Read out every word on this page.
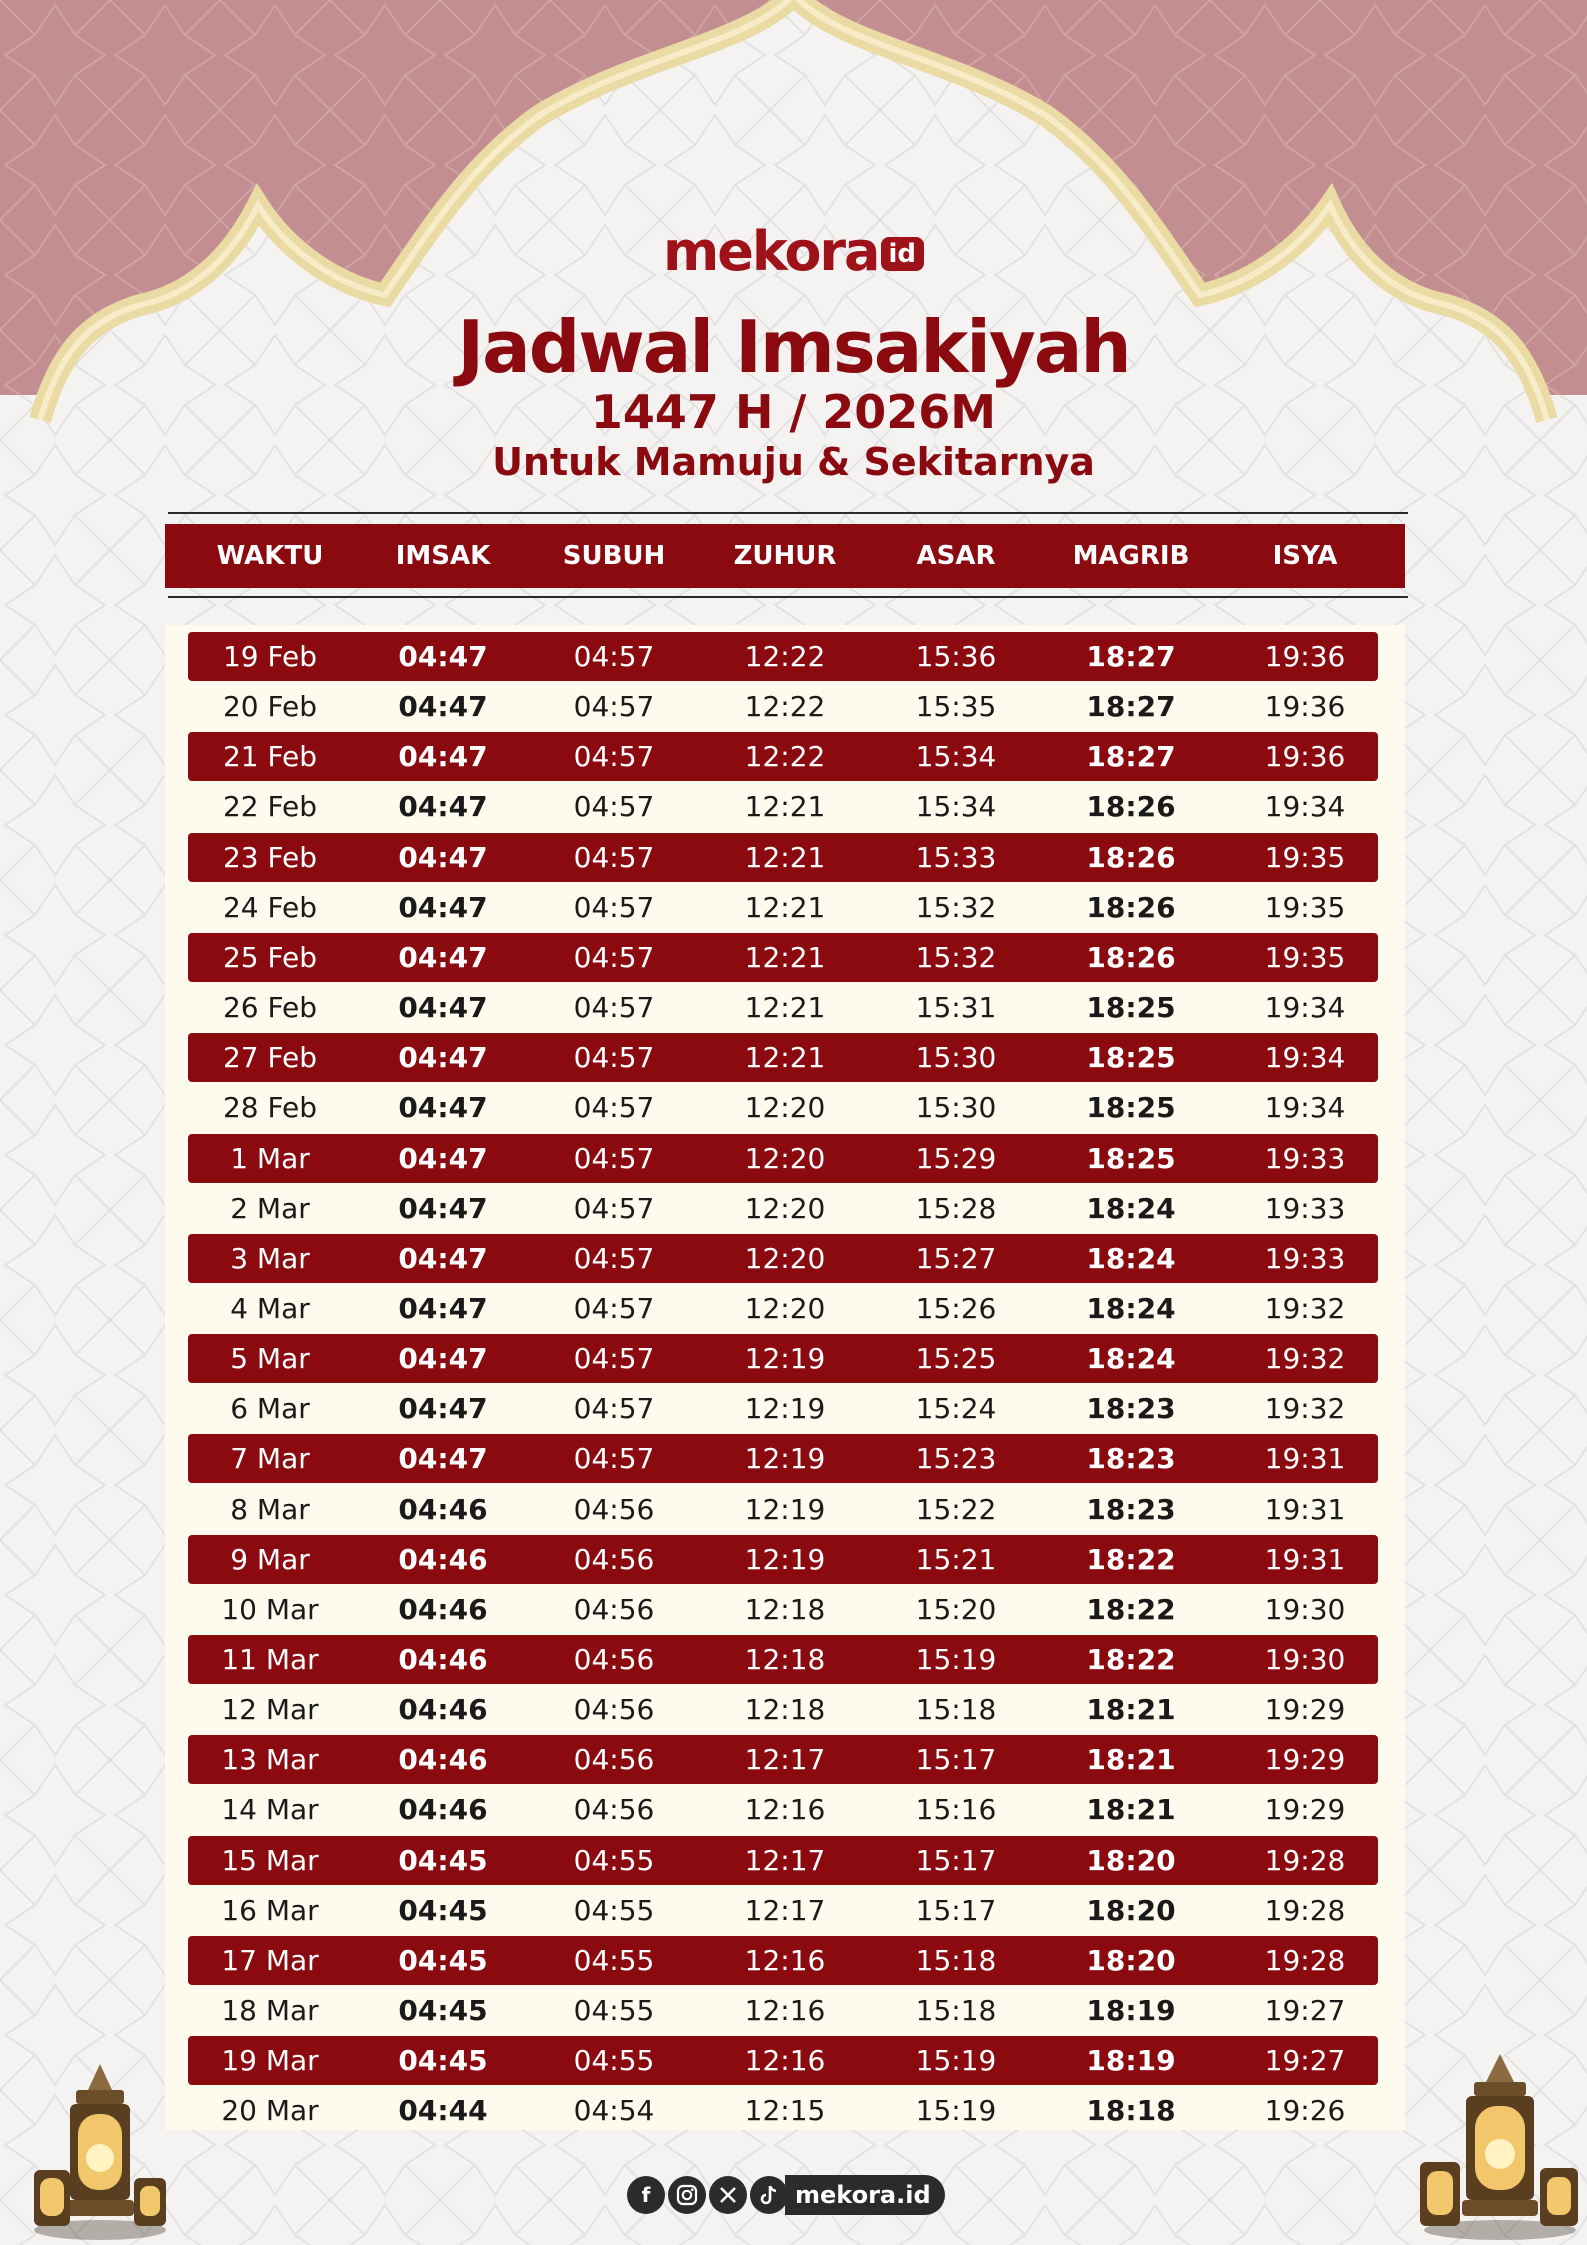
mekora id
Jadwal Imsakiyah
1447 H / 2026M
Untuk Mamuju & Sekitarnya
WAKTU	IMSAK	SUBUH	ZUHUR	ASAR	MAGRIB	ISYA
19 Feb	04:47	04:57	12:22	15:36	18:27	19:36
20 Feb	04:47	04:57	12:22	15:35	18:27	19:36
21 Feb	04:47	04:57	12:22	15:34	18:27	19:36
22 Feb	04:47	04:57	12:21	15:34	18:26	19:34
23 Feb	04:47	04:57	12:21	15:33	18:26	19:35
24 Feb	04:47	04:57	12:21	15:32	18:26	19:35
25 Feb	04:47	04:57	12:21	15:32	18:26	19:35
26 Feb	04:47	04:57	12:21	15:31	18:25	19:34
27 Feb	04:47	04:57	12:21	15:30	18:25	19:34
28 Feb	04:47	04:57	12:20	15:30	18:25	19:34
1 Mar	04:47	04:57	12:20	15:29	18:25	19:33
2 Mar	04:47	04:57	12:20	15:28	18:24	19:33
3 Mar	04:47	04:57	12:20	15:27	18:24	19:33
4 Mar	04:47	04:57	12:20	15:26	18:24	19:32
5 Mar	04:47	04:57	12:19	15:25	18:24	19:32
6 Mar	04:47	04:57	12:19	15:24	18:23	19:32
7 Mar	04:47	04:57	12:19	15:23	18:23	19:31
8 Mar	04:46	04:56	12:19	15:22	18:23	19:31
9 Mar	04:46	04:56	12:19	15:21	18:22	19:31
10 Mar	04:46	04:56	12:18	15:20	18:22	19:30
11 Mar	04:46	04:56	12:18	15:19	18:22	19:30
12 Mar	04:46	04:56	12:18	15:18	18:21	19:29
13 Mar	04:46	04:56	12:17	15:17	18:21	19:29
14 Mar	04:46	04:56	12:16	15:16	18:21	19:29
15 Mar	04:45	04:55	12:17	15:17	18:20	19:28
16 Mar	04:45	04:55	12:17	15:17	18:20	19:28
17 Mar	04:45	04:55	12:16	15:18	18:20	19:28
18 Mar	04:45	04:55	12:16	15:18	18:19	19:27
19 Mar	04:45	04:55	12:16	15:19	18:19	19:27
20 Mar	04:44	04:54	12:15	15:19	18:18	19:26
f	mekora.id
